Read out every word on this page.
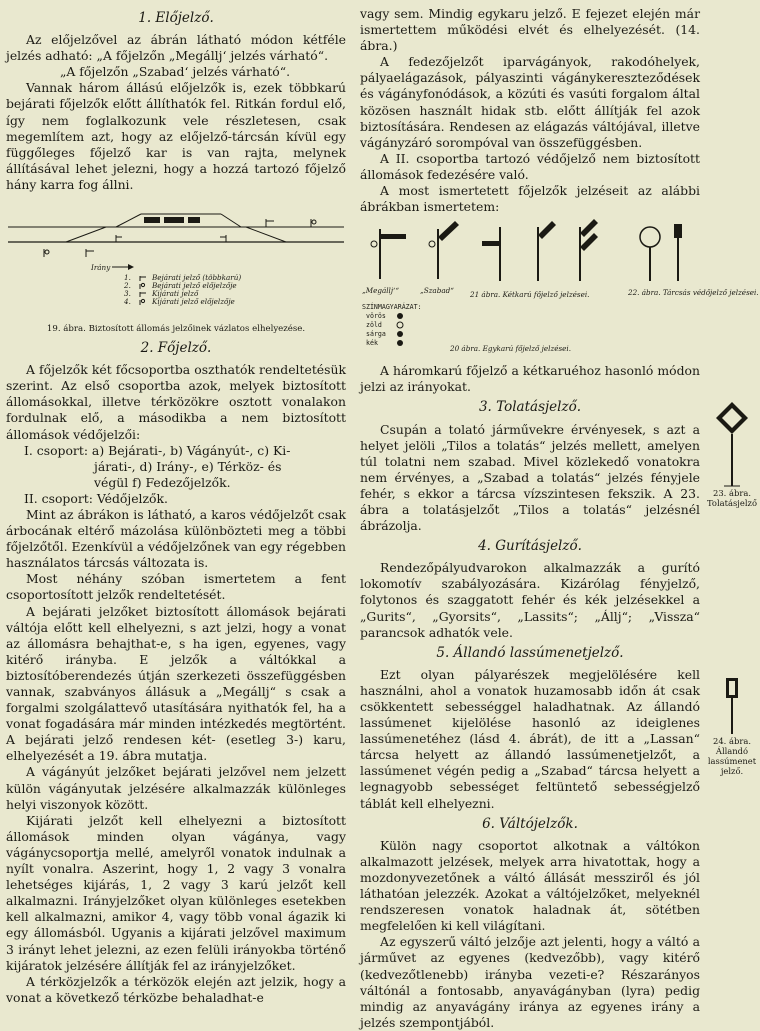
1. Előjelző.

Az előjelzővel az ábrán látható módon kétféle jelzés adható: „A főjelzőn „Megálljʻ jelzés várható“.

„A főjelzőn „Szabadʻ jelzés várható“.

Vannak három állású előjelzők is, ezek többkarú bejárati főjelzők előtt állíthatók fel. Ritkán fordul elő, így nem foglalkozunk vele részletesen, csak megemlítem azt, hogy az előjelző-tárcsán kívül egy függőleges főjelző kar is van rajta, melynek állításával lehet jelezni, hogy a hozzá tartozó főjelző hány karra fog állni.

Irány
1.
2.
3.
4.
Bejárati jelző (többkarú)
Bejárati jelző előjelzője
Kijárati jelző
Kijárati jelző előjelzője
19. ábra. Biztosított állomás jelzőinek vázlatos elhelyezése.
2. Főjelző.

A főjelzők két főcsoportba oszthatók rendeltetésük szerint. Az első csoportba azok, melyek biztosított állomásokkal, illetve térközökre osztott vonalakon fordulnak elő, a másodikba a nem biztosított állomások védőjelzői:

I. csoport: a) Bejárati-, b) Vágányút-, c) Ki-

járati-, d) Irány-, e) Térköz- és

végül f) Fedezőjelzők.

II. csoport: Védőjelzők.

Mint az ábrákon is látható, a karos védőjelzőt csak árbocának eltérő mázolása különbözteti meg a többi főjelzőtől. Ezenkívül a védőjelzőnek van egy régebben használatos tárcsás változata is.

Most néhány szóban ismertetem a fent csoportosított jelzők rendeltetését.

A bejárati jelzőket biztosított állomások bejárati váltója előtt kell elhelyezni, s azt jelzi, hogy a vonat az állomásra behajthat-e, s ha igen, egyenes, vagy kitérő irányba. E jelzők a váltókkal a biztosítóberendezés útján szerkezeti összefüggésben vannak, szabványos állásuk a „Megállj“ s csak a forgalmi szolgálattevő utasítására nyithatók fel, ha a vonat fogadására már minden intézkedés megtörtént. A bejárati jelző rendesen két- (esetleg 3-) karu, elhelyezését a 19. ábra mutatja.

A vágányút jelzőket bejárati jelzővel nem jelzett külön vágányutak jelzésére alkalmazzák különleges helyi viszonyok között.

Kijárati jelzőt kell elhelyezni a biztosított állomások minden olyan vágánya, vagy vágánycsoportja mellé, amelyről vonatok indulnak a nyílt vonalra. Aszerint, hogy 1, 2 vagy 3 vonalra lehetséges kijárás, 1, 2 vagy 3 karú jelzőt kell alkalmazni. Irányjelzőket olyan különleges esetekben kell alkalmazni, amikor 4, vagy több vonal ágazik ki egy állomásból. Ugyanis a kijárati jelzővel maximum 3 irányt lehet jelezni, az ezen felüli irányokba történő kijáratok jelzésére állítják fel az irányjelzőket.

A térközjelzők a térközök elején azt jelzik, hogy a vonat a következő térközbe behaladhat-e

vagy sem. Mindig egykaru jelző. E fejezet elején már ismertettem működési elvét és elhelyezését. (14. ábra.)

A fedezőjelzőt iparvágányok, rakodóhelyek, pályaelágazások, pályaszinti vágánykereszteződések és vágányfonódások, a közúti és vasúti forgalom által közösen használt hidak stb. előtt állítják fel azok biztosítására. Rendesen az elágazás váltójával, illetve vágányzáró sorompóval van összefüggésben.

A II. csoportba tartozó védőjelző nem biztosított állomások fedezésére való.

A most ismertetett főjelzők jelzéseit az alábbi ábrákban ismertetem:

„Megálljʻ“	„Szabad“ 21 ábra. Kétkarú főjelző jelzései.	22. ábra. Tárcsás védőjelző jelzései.
SZÍNMAGYARÁZAT:
vörös
zöld
sárga
kék
20 ábra. Egykarú főjelző jelzései.

A háromkarú főjelző a kétkaruéhoz hasonló módon jelzi az irányokat.

3. Tolatásjelző.

Csupán a tolató járművekre érvényesek, s azt a helyet jelöli „Tilos a tolatás“ jelzés mellett, amelyen túl tolatni nem szabad. Mivel közlekedő vonatokra nem érvényes, a „Szabad a tolatás“ jelzés fényjele fehér, s ekkor a tárcsa vízszintesen fekszik. A 23. ábra a tolatásjelzőt „Tilos a tolatás“ jelzésnél ábrázolja.

4. Gurításjelző.

Rendezőpályudvarokon alkalmazzák a gurító lokomotív szabályozására. Kizárólag fényjelző, folytonos és szaggatott fehér és kék jelzésekkel a „Gurits“, „Gyorsits“, „Lassits“; „Állj“; „Vissza“ parancsok adhatók vele.

5. Állandó lassúmenetjelző.

Ezt olyan pályarészek megjelölésére kell használni, ahol a vonatok huzamosabb időn át csak csökkentett sebességgel haladhatnak. Az állandó lassúmenet kijelölése hasonló az ideiglenes lassúmenetéhez (lásd 4. ábrát), de itt a „Lassan“ tárcsa helyett az állandó lassúmenetjelzőt, a lassúmenet végén pedig a „Szabad“ tárcsa helyett a legnagyobb sebességet feltüntető sebességjelző táblát kell elhelyezni.

6. Váltójelzők.

Külön nagy csoportot alkotnak a váltókon alkalmazott jelzések, melyek arra hivatottak, hogy a mozdonyvezetőnek a váltó állását messziről és jól láthatóan jelezzék. Azokat a váltójelzőket, melyeknél rendszeresen vonatok haladnak át, sötétben megfelelően ki kell világítani.

Az egyszerű váltó jelzője azt jelenti, hogy a váltó a járművet az egyenes (kedvezőbb), vagy kitérő (kedvezőtlenebb) irányba vezeti-e? Részarányos váltónál a fontosabb, anyavágányban (lyra) pedig mindig az anyavágány iránya az egyenes irány a jelzés szempontjából.

23. ábra. Tolatásjelző
24. ábra. Állandó lassúmenet jelző.
